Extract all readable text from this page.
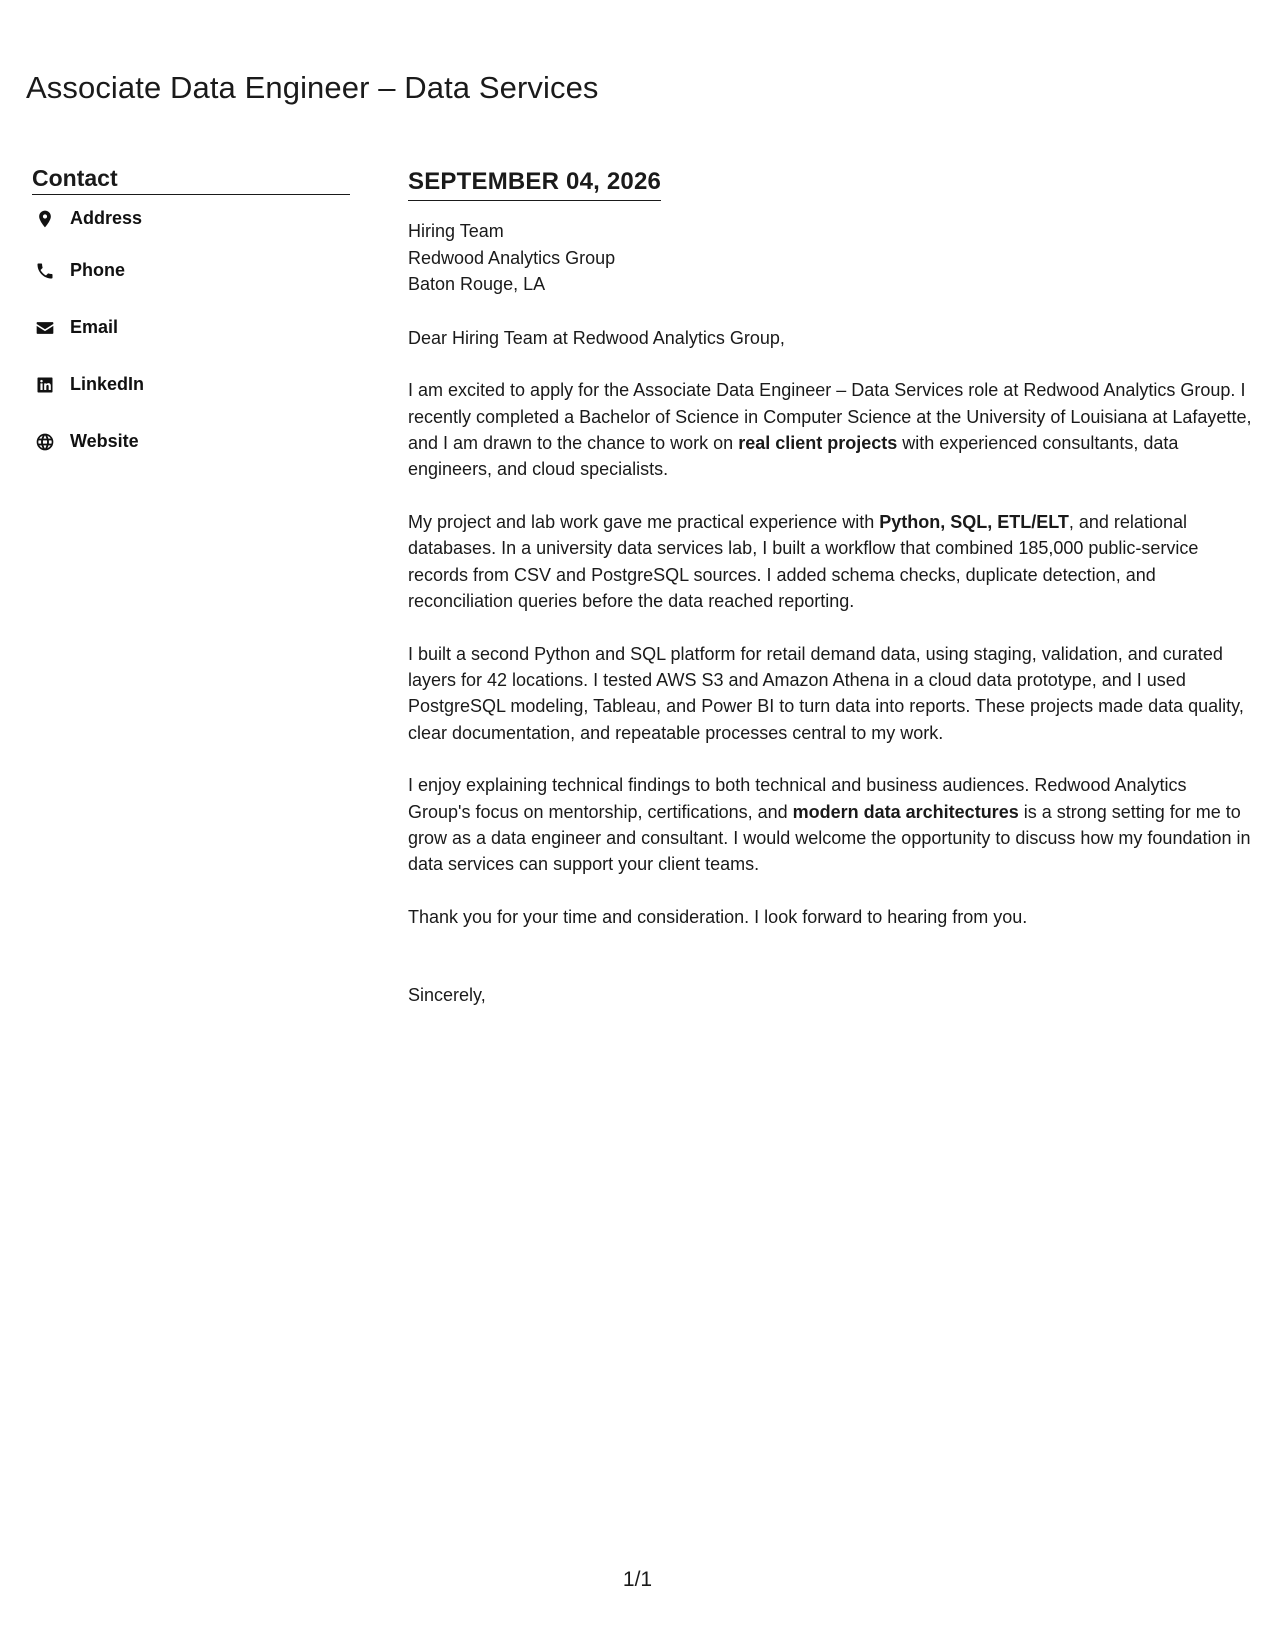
Associate Data Engineer – Data Services
Contact
Address
Phone
Email
LinkedIn
Website
SEPTEMBER 04, 2026
Hiring Team
Redwood Analytics Group
Baton Rouge, LA

Dear Hiring Team at Redwood Analytics Group,

I am excited to apply for the Associate Data Engineer – Data Services role at Redwood Analytics Group. I recently completed a Bachelor of Science in Computer Science at the University of Louisiana at Lafayette, and I am drawn to the chance to work on real client projects with experienced consultants, data engineers, and cloud specialists.

My project and lab work gave me practical experience with Python, SQL, ETL/ELT, and relational databases. In a university data services lab, I built a workflow that combined 185,000 public-service records from CSV and PostgreSQL sources. I added schema checks, duplicate detection, and reconciliation queries before the data reached reporting.

I built a second Python and SQL platform for retail demand data, using staging, validation, and curated layers for 42 locations. I tested AWS S3 and Amazon Athena in a cloud data prototype, and I used PostgreSQL modeling, Tableau, and Power BI to turn data into reports. These projects made data quality, clear documentation, and repeatable processes central to my work.

I enjoy explaining technical findings to both technical and business audiences. Redwood Analytics Group's focus on mentorship, certifications, and modern data architectures is a strong setting for me to grow as a data engineer and consultant. I would welcome the opportunity to discuss how my foundation in data services can support your client teams.

Thank you for your time and consideration. I look forward to hearing from you.

Sincerely,

1/1
